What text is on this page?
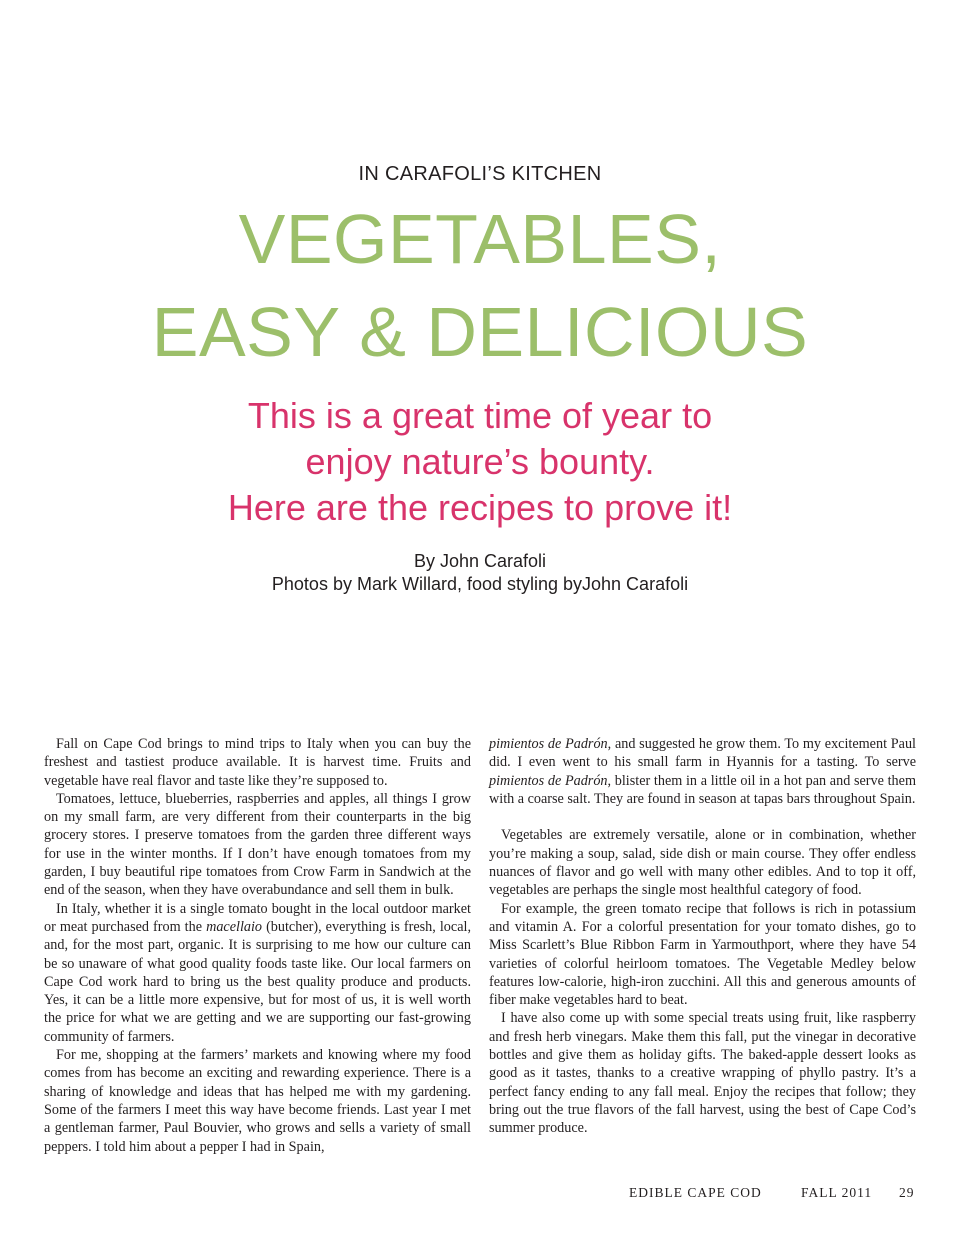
IN CARAFOLI’S KITCHEN
VEGETABLES,
EASY & DELICIOUS
This is a great time of year to
enjoy nature’s bounty.
Here are the recipes to prove it!
By John Carafoli
Photos by Mark Willard, food styling byJohn Carafoli

Fall on Cape Cod brings to mind trips to Italy when you can buy the freshest and tastiest produce available. It is harvest time. Fruits and vegetable have real flavor and taste like they’re supposed to.

Tomatoes, lettuce, blueberries, raspberries and apples, all things I grow on my small farm, are very different from their counterparts in the big grocery stores. I preserve tomatoes from the garden three different ways for use in the winter months. If I don’t have enough tomatoes from my garden, I buy beautiful ripe tomatoes from Crow Farm in Sandwich at the end of the season, when they have overabundance and sell them in bulk.

In Italy, whether it is a single tomato bought in the local outdoor market or meat purchased from the macellaio (butcher), everything is fresh, local, and, for the most part, organic. It is surprising to me how our culture can be so unaware of what good quality foods taste like. Our local farmers on Cape Cod work hard to bring us the best quality produce and products. Yes, it can be a little more expensive, but for most of us, it is well worth the price for what we are getting and we are supporting our fast-growing community of farmers.

For me, shopping at the farmers’ markets and knowing where my food comes from has become an exciting and rewarding experience. There is a sharing of knowledge and ideas that has helped me with my gardening. Some of the farmers I meet this way have become friends. Last year I met a gentleman farmer, Paul Bouvier, who grows and sells a variety of small peppers. I told him about a pepper I had in Spain,

pimientos de Padrón, and suggested he grow them. To my excitement Paul did. I even went to his small farm in Hyannis for a tasting. To serve pimientos de Padrón, blister them in a little oil in a hot pan and serve them with a coarse salt. They are found in season at tapas bars throughout Spain.

Vegetables are extremely versatile, alone or in combination, whether you’re making a soup, salad, side dish or main course. They offer endless nuances of flavor and go well with many other edibles. And to top it off, vegetables are perhaps the single most healthful category of food.

For example, the green tomato recipe that follows is rich in potassium and vitamin A. For a colorful presentation for your tomato dishes, go to Miss Scarlett’s Blue Ribbon Farm in Yarmouthport, where they have 54 varieties of colorful heirloom tomatoes. The Vegetable Medley below features low-calorie, high-iron zucchini. All this and generous amounts of fiber make vegetables hard to beat.

I have also come up with some special treats using fruit, like raspberry and fresh herb vinegars. Make them this fall, put the vinegar in decorative bottles and give them as holiday gifts. The baked-apple dessert looks as good as it tastes, thanks to a creative wrapping of phyllo pastry. It’s a perfect fancy ending to any fall meal. Enjoy the recipes that follow; they bring out the true flavors of the fall harvest, using the best of Cape Cod’s summer produce.

EDIBLE CAPE COD	FALL 2011 29
